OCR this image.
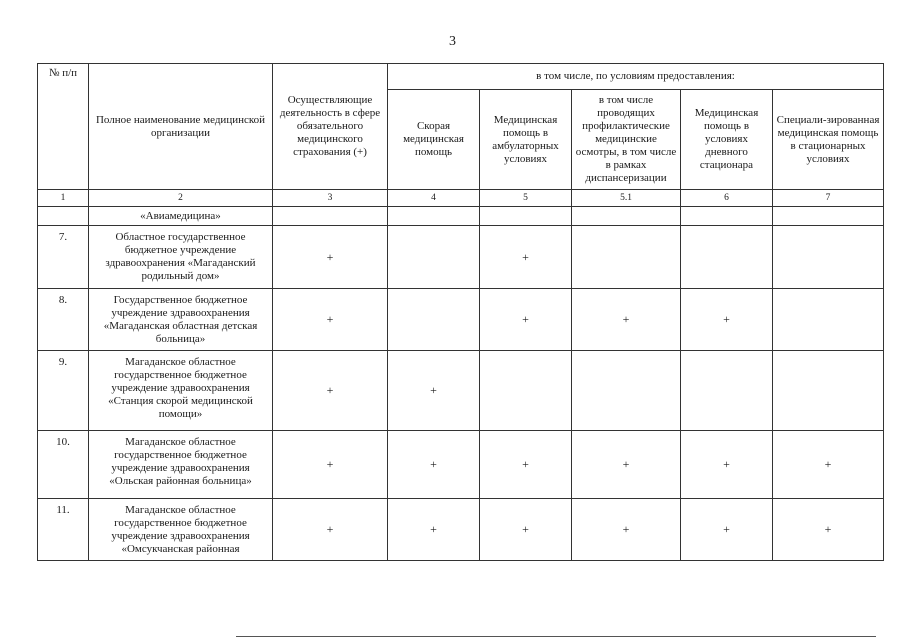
3
№ п/п	Полное наименование медицинской организации	Осуществляющие деятельность в сфере обязательного медицинского страхования (+)	в том числе, по условиям предоставления:				
			Скорая медицинская помощь	Медицинская помощь в амбулаторных условиях	в том числе проводящих профилактические медицинские осмотры, в том числе в рамках диспансеризации	Медицинская помощь в условиях дневного стационара	Специали-зированная медицинская помощь в стационарных условиях
1	2	3	4	5	5.1	6	7
	«Авиамедицина»						
7.	Областное государственное бюджетное учреждение здравоохранения «Магаданский родильный дом»	+		+			
8.	Государственное бюджетное учреждение здравоохранения «Магаданская областная детская больница»	+		+	+	+	
9.	Магаданское областное государственное бюджетное учреждение здравоохранения «Станция скорой медицинской помощи»	+	+				
10.	Магаданское областное государственное бюджетное учреждение здравоохранения «Ольская районная больница»	+	+	+	+	+	+
11.	Магаданское областное государственное бюджетное учреждение здравоохранения «Омсукчанская районная	+	+	+	+	+	+
